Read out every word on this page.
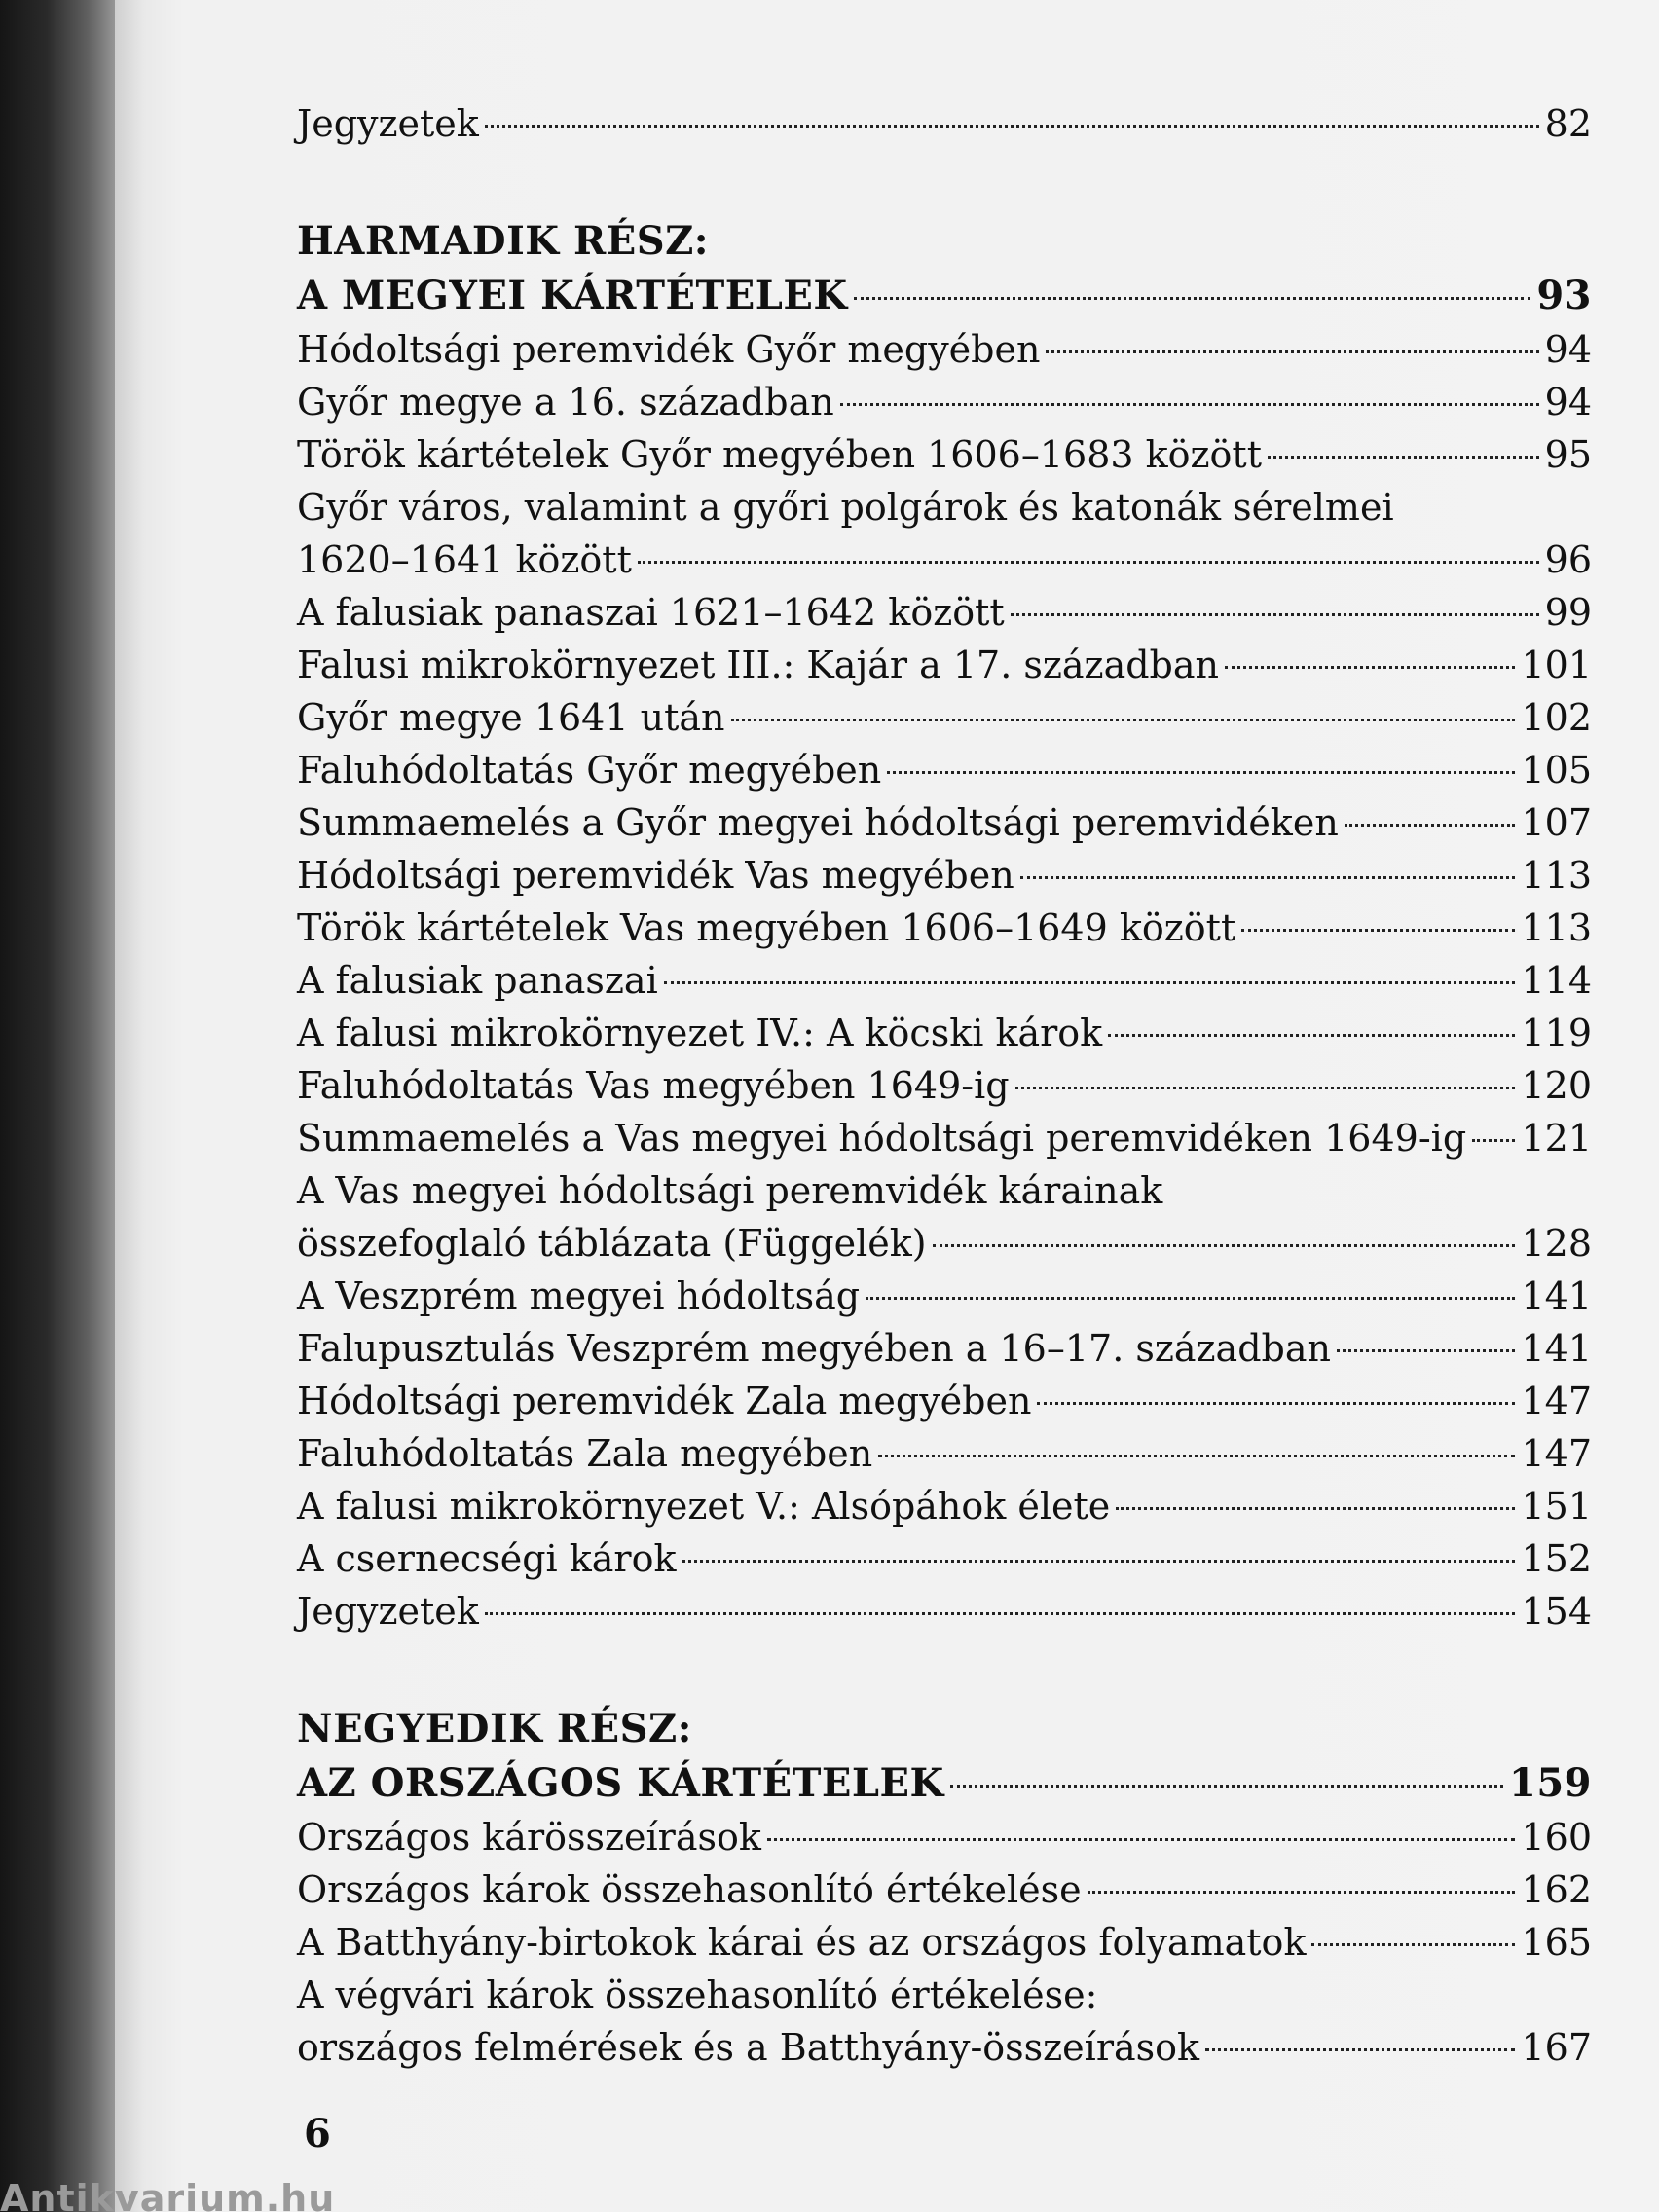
Jegyzetek	82
HARMADIK RÉSZ:
A MEGYEI KÁRTÉTELEK	93
Hódoltsági peremvidék Győr megyében	94
Győr megye a 16. században	94
Török kártételek Győr megyében 1606–1683 között	95
Győr város, valamint a győri polgárok és katonák sérelmei
1620–1641 között	96
A falusiak panaszai 1621–1642 között	99
Falusi mikrokörnyezet III.: Kajár a 17. században	101
Győr megye 1641 után	102
Faluhódoltatás Győr megyében	105
Summaemelés a Győr megyei hódoltsági peremvidéken	107
Hódoltsági peremvidék Vas megyében	113
Török kártételek Vas megyében 1606–1649 között	113
A falusiak panaszai	114
A falusi mikrokörnyezet IV.: A köcski károk	119
Faluhódoltatás Vas megyében 1649-ig	120
Summaemelés a Vas megyei hódoltsági peremvidéken 1649-ig 121
A Vas megyei hódoltsági peremvidék kárainak
összefoglaló táblázata (Függelék)	128
A Veszprém megyei hódoltság	141
Falupusztulás Veszprém megyében a 16–17. században	141
Hódoltsági peremvidék Zala megyében	147
Faluhódoltatás Zala megyében	147
A falusi mikrokörnyezet V.: Alsópáhok élete	151
A csernecségi károk	152
Jegyzetek	154
NEGYEDIK RÉSZ:
AZ ORSZÁGOS KÁRTÉTELEK	159
Országos kárösszeírások	160
Országos károk összehasonlító értékelése	162
A Batthyány-birtokok kárai és az országos folyamatok	165
A végvári károk összehasonlító értékelése:
országos felmérések és a Batthyány-összeírások	167
6
Antikvarium.hu
